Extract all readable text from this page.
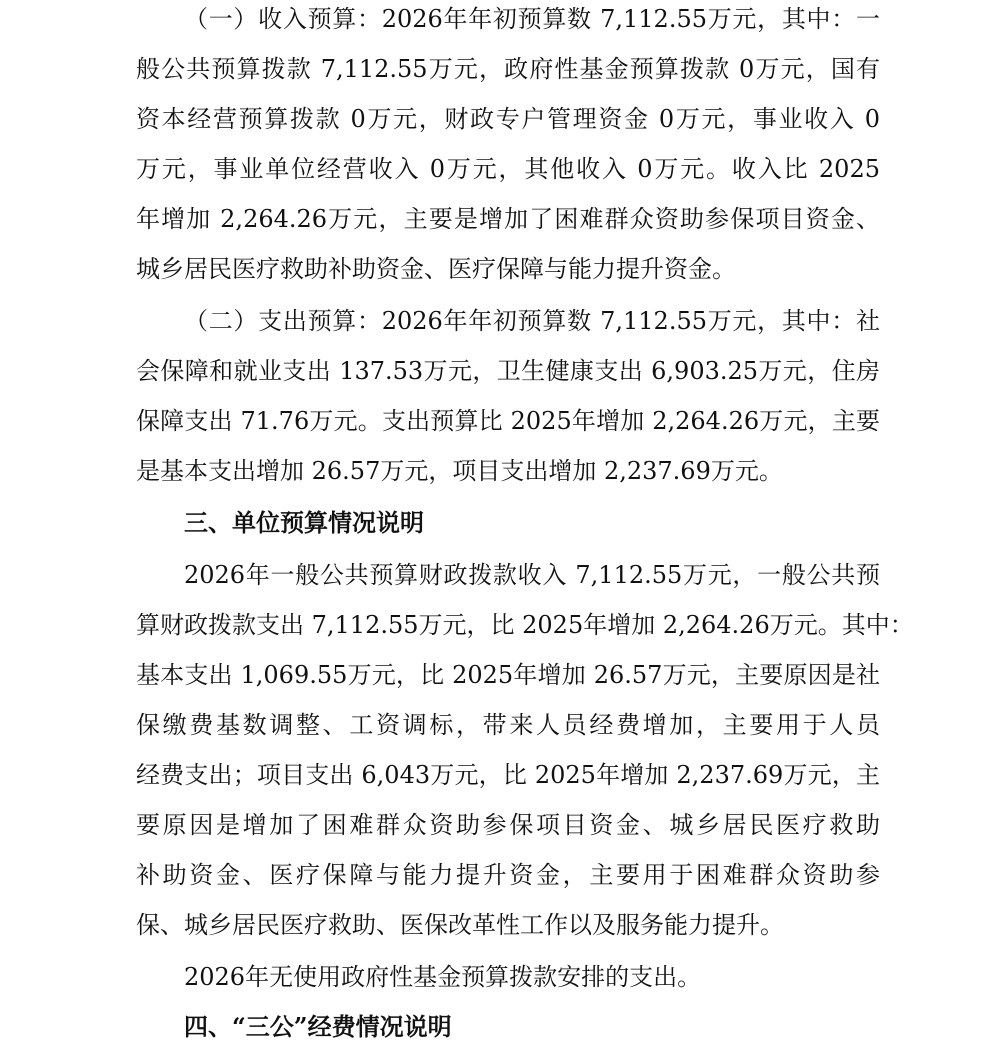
（一）收入预算：2026年年初预算数 7,112.55万元，其中：一
般公共预算拨款 7,112.55万元，政府性基金预算拨款 0万元，国有
资本经营预算拨款 0万元，财政专户管理资金 0万元，事业收入 0
万元，事业单位经营收入 0万元，其他收入 0万元。收入比 2025
年增加 2,264.26万元，主要是增加了困难群众资助参保项目资金、
城乡居民医疗救助补助资金、医疗保障与能力提升资金。
（二）支出预算：2026年年初预算数 7,112.55万元，其中：社
会保障和就业支出 137.53万元，卫生健康支出 6,903.25万元，住房
保障支出 71.76万元。支出预算比 2025年增加 2,264.26万元，主要
是基本支出增加 26.57万元，项目支出增加 2,237.69万元。
三、单位预算情况说明
2026年一般公共预算财政拨款收入 7,112.55万元，一般公共预
算财政拨款支出 7,112.55万元，比 2025年增加 2,264.26万元。其中：
基本支出 1,069.55万元，比 2025年增加 26.57万元，主要原因是社
保缴费基数调整、工资调标，带来人员经费增加，主要用于人员
经费支出；项目支出 6,043万元，比 2025年增加 2,237.69万元，主
要原因是增加了困难群众资助参保项目资金、城乡居民医疗救助
补助资金、医疗保障与能力提升资金，主要用于困难群众资助参
保、城乡居民医疗救助、医保改革性工作以及服务能力提升。
2026年无使用政府性基金预算拨款安排的支出。
四、“三公”经费情况说明
